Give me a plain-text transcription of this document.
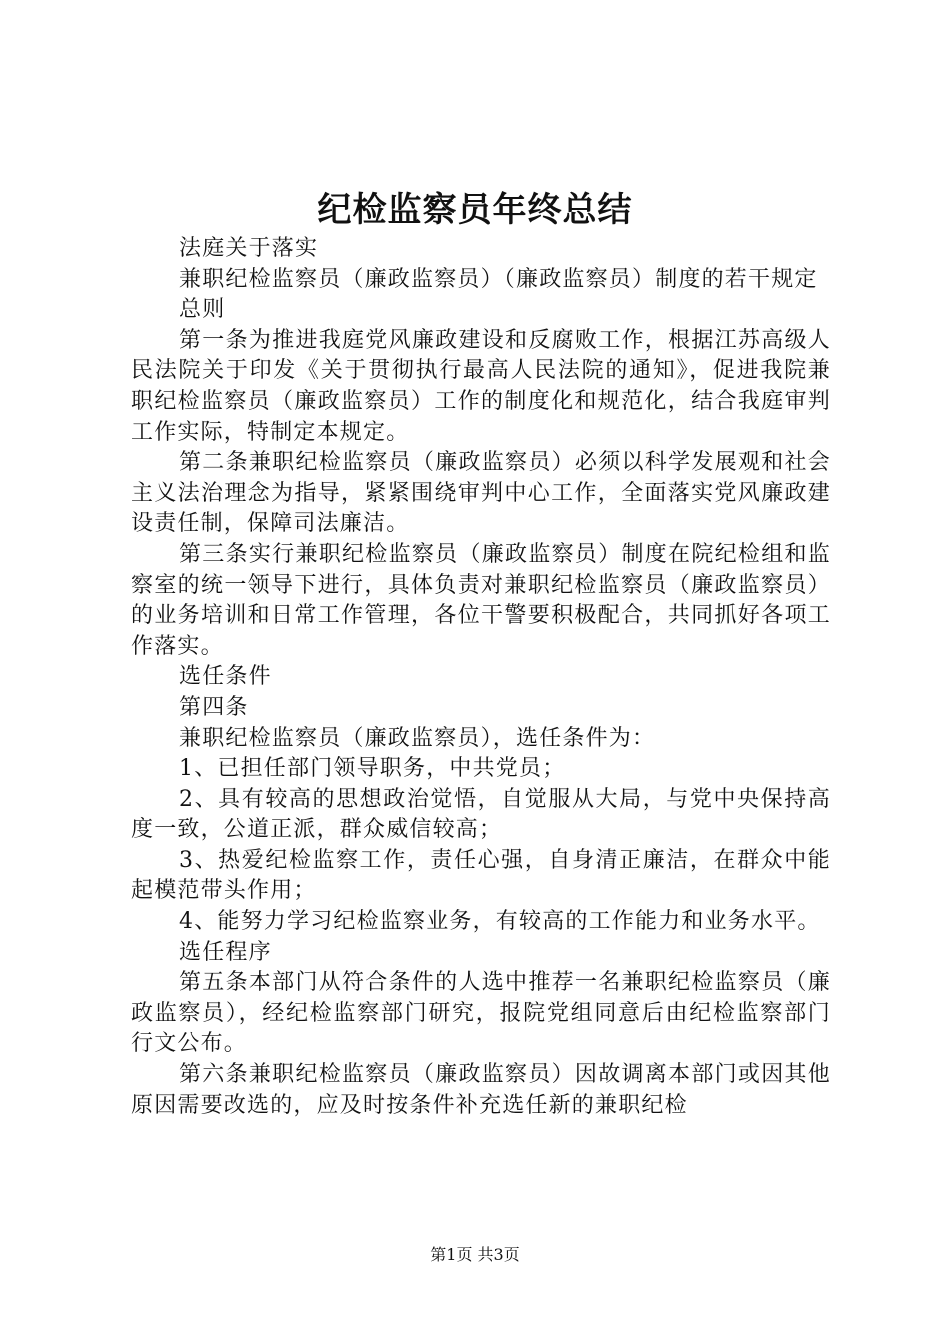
纪检监察员年终总结

法庭关于落实

兼职纪检监察员（廉政监察员）（廉政监察员）制度的若干规定

总则

第一条为推进我庭党风廉政建设和反腐败工作，根据江苏高级人民法院关于印发《关于贯彻执行最高人民法院的通知》，促进我院兼职纪检监察员（廉政监察员）工作的制度化和规范化，结合我庭审判工作实际，特制定本规定。

第二条兼职纪检监察员（廉政监察员）必须以科学发展观和社会主义法治理念为指导，紧紧围绕审判中心工作，全面落实党风廉政建设责任制，保障司法廉洁。

第三条实行兼职纪检监察员（廉政监察员）制度在院纪检组和监察室的统一领导下进行，具体负责对兼职纪检监察员（廉政监察员）的业务培训和日常工作管理，各位干警要积极配合，共同抓好各项工作落实。

选任条件

第四条

兼职纪检监察员（廉政监察员），选任条件为：

1、已担任部门领导职务，中共党员；

2、具有较高的思想政治觉悟，自觉服从大局，与党中央保持高度一致，公道正派，群众威信较高；

3、热爱纪检监察工作，责任心强，自身清正廉洁，在群众中能起模范带头作用；

4、能努力学习纪检监察业务，有较高的工作能力和业务水平。

选任程序

第五条本部门从符合条件的人选中推荐一名兼职纪检监察员（廉政监察员），经纪检监察部门研究，报院党组同意后由纪检监察部门行文公布。

第六条兼职纪检监察员（廉政监察员）因故调离本部门或因其他原因需要改选的，应及时按条件补充选任新的兼职纪检

第1页 共3页
